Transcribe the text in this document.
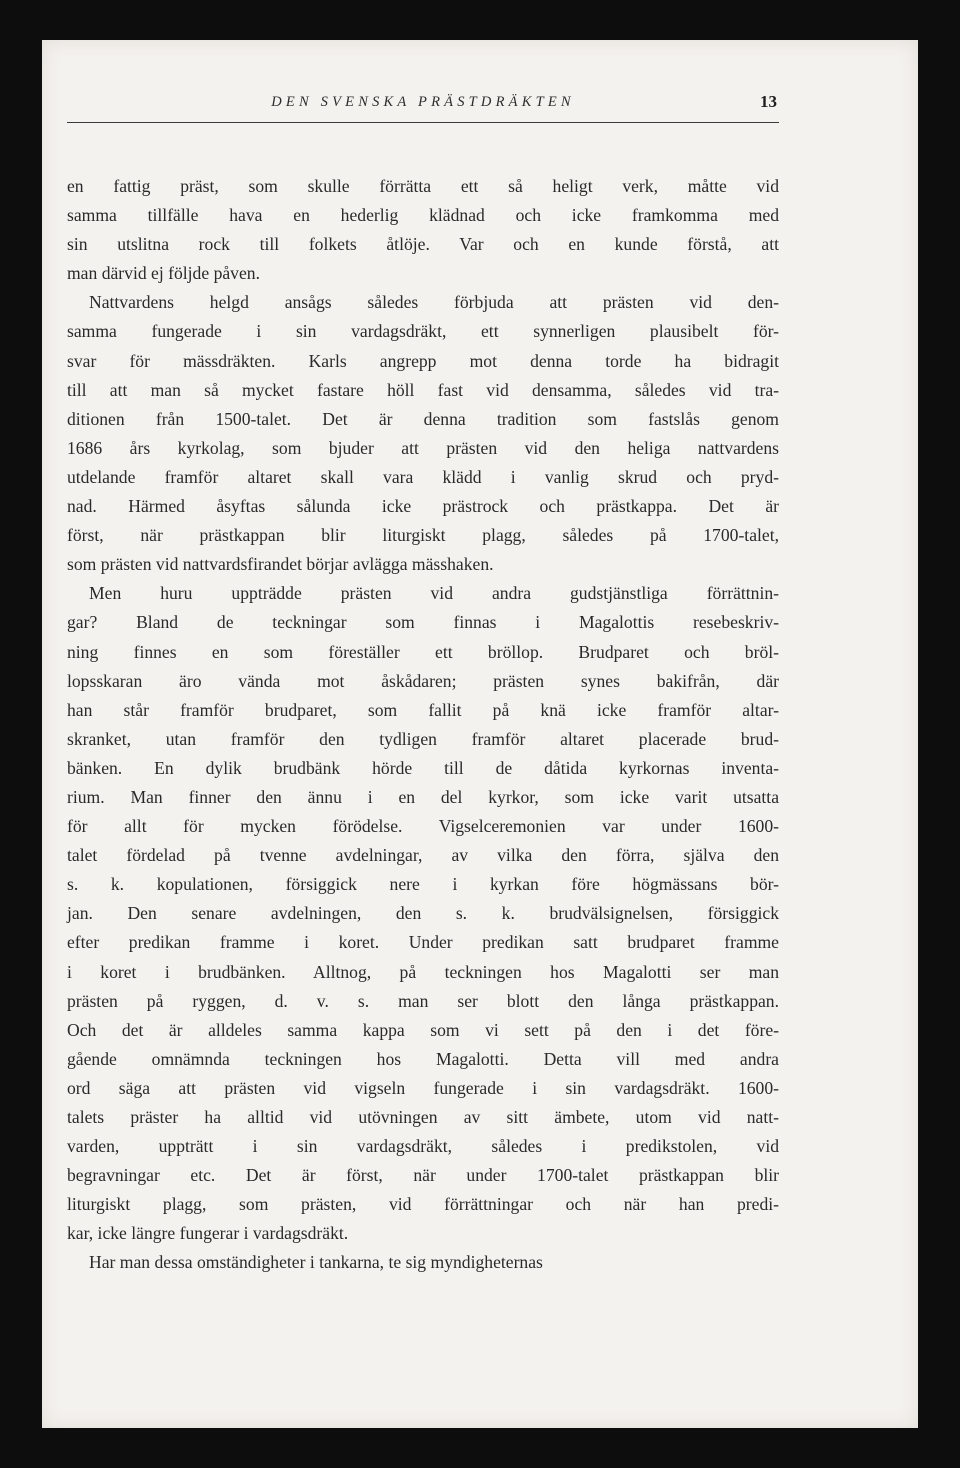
DEN SVENSKA PRÄSTDRÄKTEN	13
en fattig präst, som skulle förrätta ett så heligt verk, måtte vid
samma tillfälle hava en hederlig klädnad och icke framkomma med
sin utslitna rock till folkets åtlöje. Var och en kunde förstå, att
man därvid ej följde påven.
Nattvardens helgd ansågs således förbjuda att prästen vid den-
samma fungerade i sin vardagsdräkt, ett synnerligen plausibelt för-
svar för mässdräkten. Karls angrepp mot denna torde ha bidragit
till att man så mycket fastare höll fast vid densamma, således vid tra-
ditionen från 1500-talet. Det är denna tradition som fastslås genom
1686 års kyrkolag, som bjuder att prästen vid den heliga nattvardens
utdelande framför altaret skall vara klädd i vanlig skrud och pryd-
nad. Härmed åsyftas sålunda icke prästrock och prästkappa. Det är
först, när prästkappan blir liturgiskt plagg, således på 1700-talet,
som prästen vid nattvardsfirandet börjar avlägga mässhaken.
Men huru uppträdde prästen vid andra gudstjänstliga förrättnin-
gar? Bland de teckningar som finnas i Magalottis resebeskriv-
ning finnes en som föreställer ett bröllop. Brudparet och bröl-
lopsskaran äro vända mot åskådaren; prästen synes bakifrån, där
han står framför brudparet, som fallit på knä icke framför altar-
skranket, utan framför den tydligen framför altaret placerade brud-
bänken. En dylik brudbänk hörde till de dåtida kyrkornas inventa-
rium. Man finner den ännu i en del kyrkor, som icke varit utsatta
för allt för mycken förödelse. Vigselceremonien var under 1600-
talet fördelad på tvenne avdelningar, av vilka den förra, själva den
s. k. kopulationen, försiggick nere i kyrkan före högmässans bör-
jan. Den senare avdelningen, den s. k. brudvälsignelsen, försiggick
efter predikan framme i koret. Under predikan satt brudparet framme
i koret i brudbänken. Alltnog, på teckningen hos Magalotti ser man
prästen på ryggen, d. v. s. man ser blott den långa prästkappan.
Och det är alldeles samma kappa som vi sett på den i det före-
gående omnämnda teckningen hos Magalotti. Detta vill med andra
ord säga att prästen vid vigseln fungerade i sin vardagsdräkt. 1600-
talets präster ha alltid vid utövningen av sitt ämbete, utom vid natt-
varden, uppträtt i sin vardagsdräkt, således i predikstolen, vid
begravningar etc. Det är först, när under 1700-talet prästkappan blir
liturgiskt plagg, som prästen, vid förrättningar och när han predi-
kar, icke längre fungerar i vardagsdräkt.
Har man dessa omständigheter i tankarna, te sig myndigheternas
